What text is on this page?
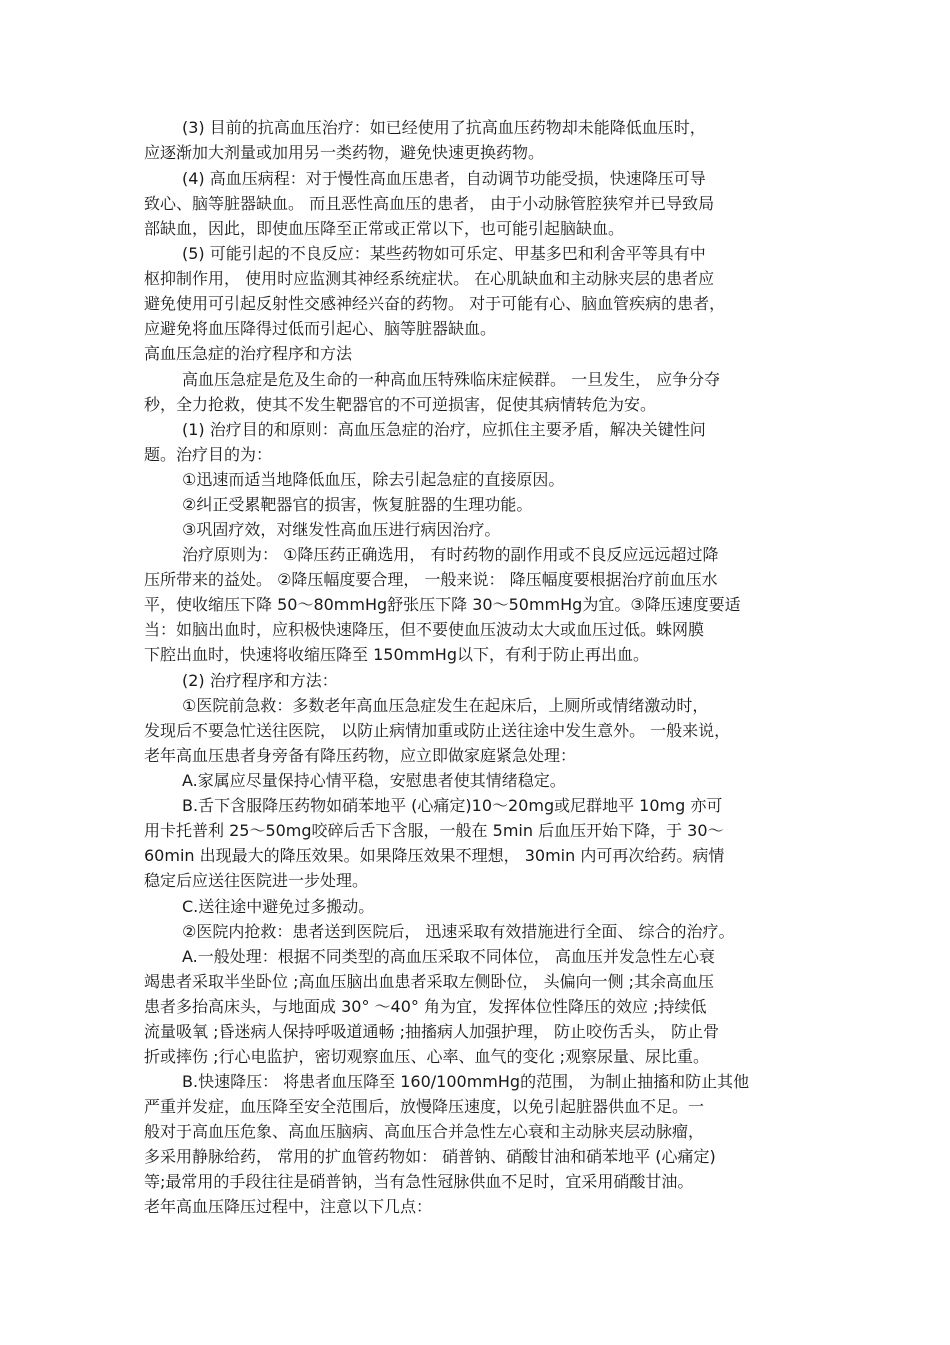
(3) 目前的抗高血压治疗：如已经使用了抗高血压药物却未能降低血压时，
应逐渐加大剂量或加用另一类药物，避免快速更换药物。
(4) 高血压病程：对于慢性高血压患者，自动调节功能受损，快速降压可导
致心、脑等脏器缺血。 而且恶性高血压的患者， 由于小动脉管腔狭窄并已导致局
部缺血，因此，即使血压降至正常或正常以下，也可能引起脑缺血。
(5) 可能引起的不良反应：某些药物如可乐定、甲基多巴和利舍平等具有中
枢抑制作用， 使用时应监测其神经系统症状。 在心肌缺血和主动脉夹层的患者应
避免使用可引起反射性交感神经兴奋的药物。 对于可能有心、脑血管疾病的患者，
应避免将血压降得过低而引起心、脑等脏器缺血。
高血压急症的治疗程序和方法
高血压急症是危及生命的一种高血压特殊临床症候群。 一旦发生， 应争分夺
秒，全力抢救，使其不发生靶器官的不可逆损害，促使其病情转危为安。
(1) 治疗目的和原则：高血压急症的治疗，应抓住主要矛盾，解决关键性问
题。治疗目的为：
①迅速而适当地降低血压，除去引起急症的直接原因。
②纠正受累靶器官的损害，恢复脏器的生理功能。
③巩固疗效，对继发性高血压进行病因治疗。
治疗原则为： ①降压药正确选用， 有时药物的副作用或不良反应远远超过降
压所带来的益处。 ②降压幅度要合理， 一般来说： 降压幅度要根据治疗前血压水
平，使收缩压下降 50～80mmHg舒张压下降 30～50mmHg为宜。③降压速度要适
当：如脑出血时，应积极快速降压，但不要使血压波动太大或血压过低。蛛网膜
下腔出血时，快速将收缩压降至 150mmHg以下，有利于防止再出血。
(2) 治疗程序和方法：
①医院前急救：多数老年高血压急症发生在起床后，上厕所或情绪激动时，
发现后不要急忙送往医院， 以防止病情加重或防止送往途中发生意外。 一般来说，
老年高血压患者身旁备有降压药物，应立即做家庭紧急处理：
A.家属应尽量保持心情平稳，安慰患者使其情绪稳定。
B.舌下含服降压药物如硝苯地平 (心痛定)10～20mg或尼群地平 10mg 亦可
用卡托普利 25～50mg咬碎后舌下含服，一般在 5min 后血压开始下降，于 30～
60min 出现最大的降压效果。如果降压效果不理想， 30min 内可再次给药。病情
稳定后应送往医院进一步处理。
C.送往途中避免过多搬动。
②医院内抢救：患者送到医院后， 迅速采取有效措施进行全面、 综合的治疗。
A.一般处理：根据不同类型的高血压采取不同体位， 高血压并发急性左心衰
竭患者采取半坐卧位 ;高血压脑出血患者采取左侧卧位， 头偏向一侧 ;其余高血压
患者多抬高床头，与地面成 30° ～40° 角为宜，发挥体位性降压的效应 ;持续低
流量吸氧 ;昏迷病人保持呼吸道通畅 ;抽搐病人加强护理， 防止咬伤舌头， 防止骨
折或摔伤 ;行心电监护，密切观察血压、心率、血气的变化 ;观察尿量、尿比重。
B.快速降压： 将患者血压降至 160/100mmHg的范围， 为制止抽搐和防止其他
严重并发症，血压降至安全范围后，放慢降压速度，以免引起脏器供血不足。一
般对于高血压危象、高血压脑病、高血压合并急性左心衰和主动脉夹层动脉瘤，
多采用静脉给药， 常用的扩血管药物如： 硝普钠、硝酸甘油和硝苯地平 (心痛定)
等;最常用的手段往往是硝普钠，当有急性冠脉供血不足时，宜采用硝酸甘油。
老年高血压降压过程中，注意以下几点：
